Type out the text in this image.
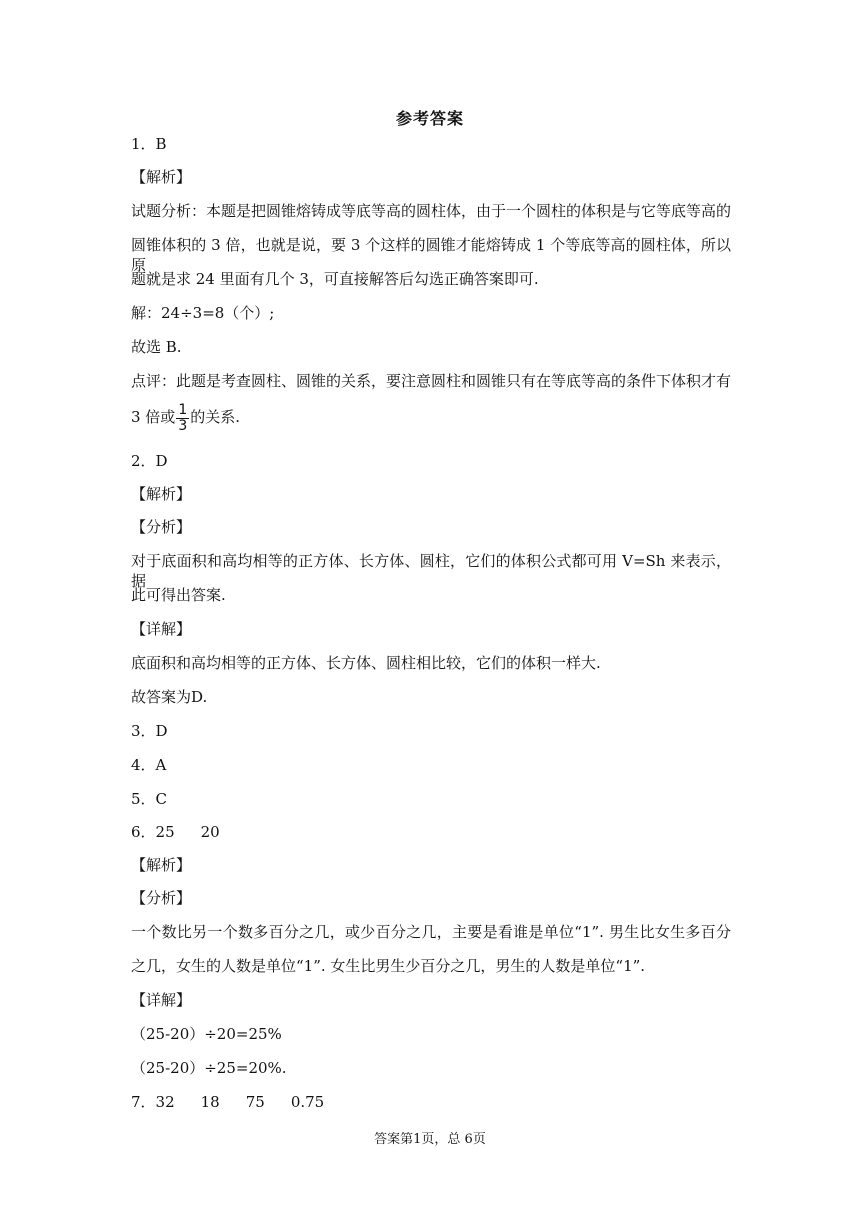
参考答案
1．B
【解析】
试题分析：本题是把圆锥熔铸成等底等高的圆柱体，由于一个圆柱的体积是与它等底等高的
圆锥体积的 3 倍，也就是说，要 3 个这样的圆锥才能熔铸成 1 个等底等高的圆柱体，所以原
题就是求 24 里面有几个 3，可直接解答后勾选正确答案即可.
解：24÷3=8（个）;
故选 B.
点评：此题是考查圆柱、圆锥的关系，要注意圆柱和圆锥只有在等底等高的条件下体积才有
3 倍或 $\frac{1}{3}$ 的关系.
2．D
【解析】
【分析】
对于底面积和高均相等的正方体、长方体、圆柱，它们的体积公式都可用 V=Sh 来表示，据
此可得出答案.
【详解】
底面积和高均相等的正方体、长方体、圆柱相比较，它们的体积一样大.
故答案为D.
3．D
4．A
5．C
6．25 20
【解析】
【分析】
一个数比另一个数多百分之几，或少百分之几，主要是看谁是单位“1”. 男生比女生多百分
之几，女生的人数是单位“1”. 女生比男生少百分之几，男生的人数是单位“1”.
【详解】
（25-20）÷20=25%
（25-20）÷25=20%.
7．32 18 75 0.75
答案第1页，总 6页
